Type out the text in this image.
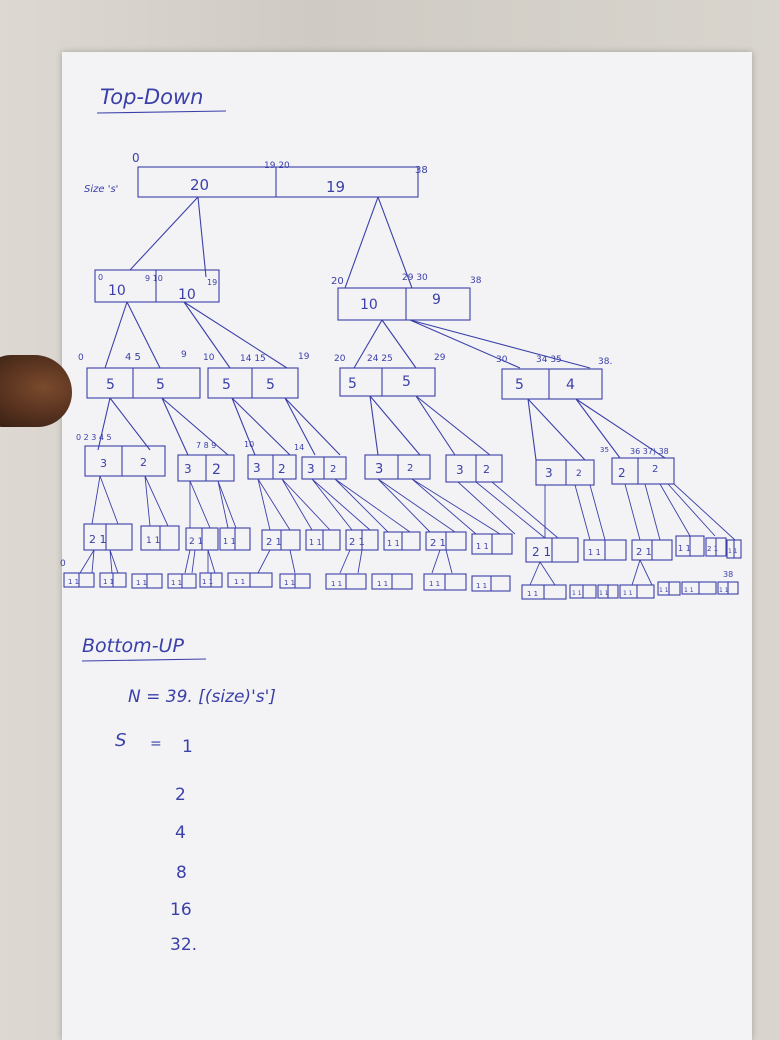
Top-Down
Size 's'	20	19
0
19 20	38
10	10
0	9 10	19
10	9
20	29 30	38
5	5
0	4 5	9
5	5
10	14 15	19
5	5
20 24 25	29
5	4
30	34 35	38.
0 2 3 4 5
3	2
7 8 9
3 2
10
3 2
14
3 2	3 2	3 2
35
3	2
36 37) 38
2	2
2 1	1 1	2 1 1 1	2 1	1 1	2 1	1 1	2 1	1 1	2 1	1 1	2 1	1 1 2 1 1 1
0
38
1 1	1 1	1 1	1 1	1 1	1 1	1 1	1 1	1 1	1 1	1 1
1 1	1 1	1 1 1 1	1 1	1 1	1 1
Bottom-UP
N = 39. [(size)'s']
S = 1
2
4
8
16
32.
